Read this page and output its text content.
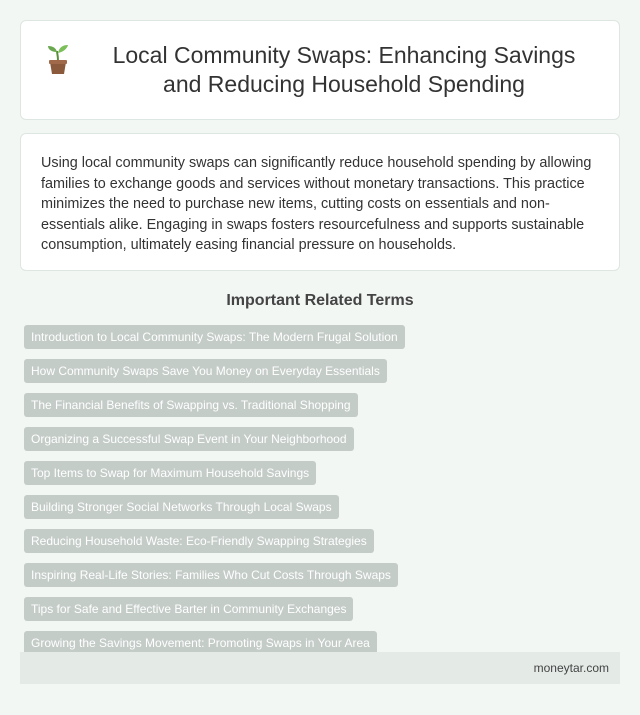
Local Community Swaps: Enhancing Savings and Reducing Household Spending

Using local community swaps can significantly reduce household spending by allowing families to exchange goods and services without monetary transactions. This practice minimizes the need to purchase new items, cutting costs on essentials and non-essentials alike. Engaging in swaps fosters resourcefulness and supports sustainable consumption, ultimately easing financial pressure on households.

Important Related Terms
Introduction to Local Community Swaps: The Modern Frugal Solution
How Community Swaps Save You Money on Everyday Essentials
The Financial Benefits of Swapping vs. Traditional Shopping
Organizing a Successful Swap Event in Your Neighborhood
Top Items to Swap for Maximum Household Savings
Building Stronger Social Networks Through Local Swaps
Reducing Household Waste: Eco-Friendly Swapping Strategies
Inspiring Real-Life Stories: Families Who Cut Costs Through Swaps
Tips for Safe and Effective Barter in Community Exchanges
Growing the Savings Movement: Promoting Swaps in Your Area
moneytar.com
